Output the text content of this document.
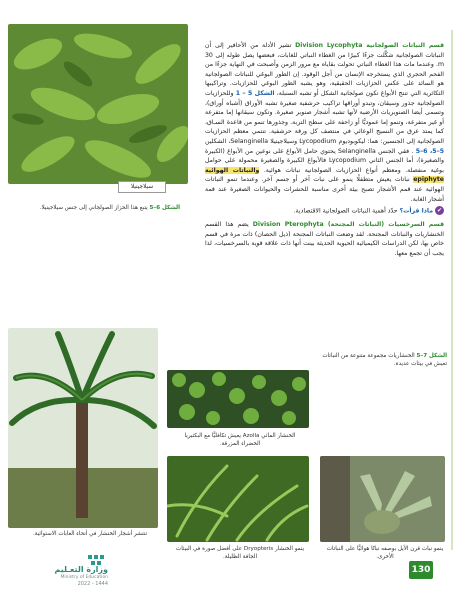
سيلاجينيلا
الشكل 6–5 يتبع هذا الحزاز الصولجاني إلى جنس سيلاجينيلا.
قسم النباتات الصولجانية Division Lycophyta تشير الأدلة من الأحافير إلى أن النباتات الصولجانية شكَّلت جزءًا كبيرًا من الغطاء النباتي للغابات، فبعضها يصل طوله إلى 30 m. وعندما مات هذا الغطاء النباتي تحولت بقاياه مع مرور الزمن وأصبحت في النهاية جزءًا من الفحم الحجري الذي يستخرجه الإنسان من أجل الوقود. إن الطور البوغي للنباتات الصولجانية هو السائد على عكس الحزازيات الحقيقية، وهو يشبه الطور البوغي للحزازيات. وتراكيبها التكاثرية التي تنتج الأبواغ تكون صولجانية الشكل أو تشبه السنبلة، الشكل 5 – 1 وللحزازيات الصولجانية جذور وسيقان، وتبدو أوراقها تراكيب حرشفية صغيرة تشبه الأوراق (أشباه أوراق)، وتسمى أيضا الصنوبريات الأرضية لأنها تشبه أشجار صنوبر صغيرة. وتكون سيقانها إما متفرعة أو غير متفرعة، وتنمو إما عموديًّا أو زاحفة على سطح التربة. وجذورها تنمو من قاعدة السـاق، كما يمتد عرق من النسيج الوعائي في منتصف كل ورقة حرشفية. تنتمي معظم الحزازيات الصولجانية إلى الجنسين: هما: ليكوبوديوم Lycopodium وسيلاجينيلا Selanginella، الشكلين 5–5، 6–5 . فقي الجنس Selanginella يحتوي حامل الأبواغ على نوعين من الأبواغ (الكبيرة والصغيرة)، أما الجنس الثاني Lycopodium فالأبواغ الكبيرة والصغيرة محمولة على حوامل بوغية منفصلة. ومعظم أنواع الحزازيات الصولجانية نباتات هوائية. والنباتات الهوائية epiphyte نباتات يعيش متطفلًا ينمو على نبات آخر أو جسم آخر. وعندما تنمو النباتات الهوائية عند قمم الأشجار تصبح بيئة أخرى مناسبة للحشرات والحيوانات الصغيرة عند قمة أشجار الغابة.
✔ ماذا قرأت؟ حدّد أهمية النباتات الصولجانية الاقتصادية.
قسم السرخسيات (النباتات المجنحة) Division Pterophyta يضم هذا القسم الخنشاريات والنباتات المجنحة. لقد وضعت النباتات المجنحة (ذيل الحصان) ذات مرة في قسم خاص بها، لكن الدراسات الكيميائية الحيوية الحديثة بينت أنها ذات علاقة قوية بالسرخسيات، لذا يجب أن تجمع معها.
الشكل 7–5 الخنشاريات مجموعة متنوعة من النباتات تعيش في بيئات عديدة.
تنتشر أشجار الخنشار في أنحاء الغابات الاستوائية.
الخنشار المائي Azolla يعيش تكافليًّا مع البكتيريا الخضراء المزرقة.
ينمو الخنشار Dryopteris على أفضل صورة في البيئات الجافة الظليلة.
ينمو نبات قرن الأيل بوصفه نباتًا هوائيًّا على النباتات الأخرى.
130
وزارة التعـليم
Ministry of Education
2022 - 1444
